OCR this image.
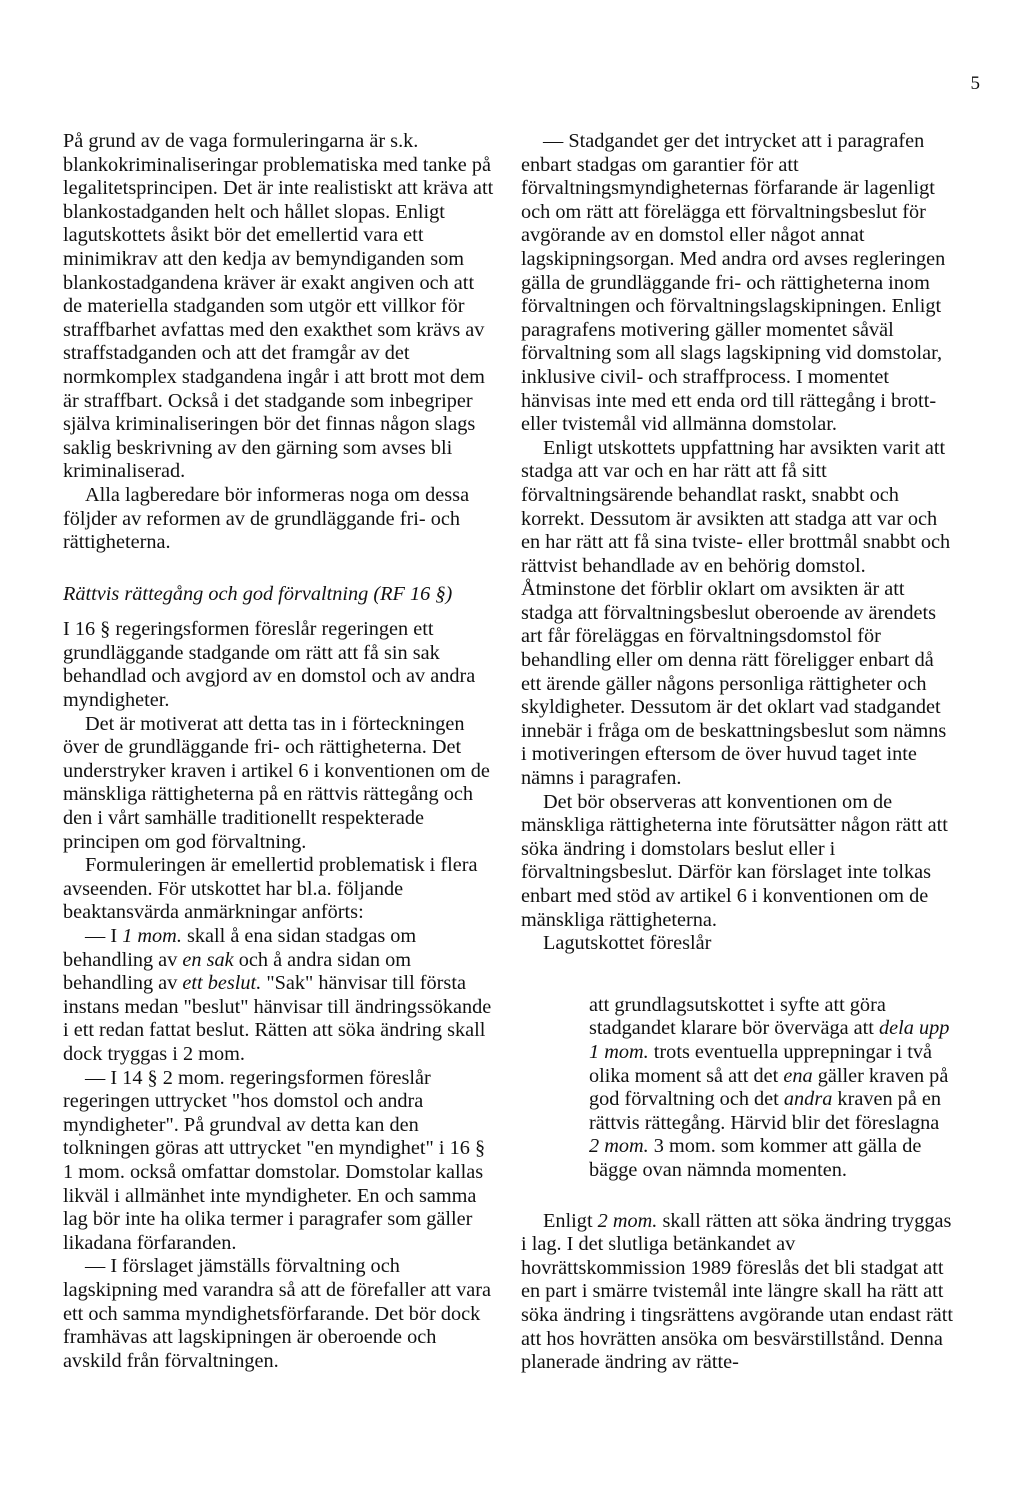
5

På grund av de vaga formuleringarna är s.k. blankokriminaliseringar problematiska med tanke på legalitetsprincipen. Det är inte realistiskt att kräva att blankostadganden helt och hållet slopas. Enligt lagutskottets åsikt bör det emellertid vara ett minimikrav att den kedja av bemyndiganden som blankostadgandena kräver är exakt angiven och att de materiella stadganden som utgör ett villkor för straffbarhet avfattas med den exakthet som krävs av straffstadganden och att det framgår av det normkomplex stadgandena ingår i att brott mot dem är straffbart. Också i det stadgande som inbegriper själva kriminaliseringen bör det finnas någon slags saklig beskrivning av den gärning som avses bli kriminaliserad.

Alla lagberedare bör informeras noga om dessa följder av reformen av de grundläggande fri- och rättigheterna.

Rättvis rättegång och god förvaltning (RF 16 §)

I 16 § regeringsformen föreslår regeringen ett grundläggande stadgande om rätt att få sin sak behandlad och avgjord av en domstol och av andra myndigheter.

Det är motiverat att detta tas in i förteckningen över de grundläggande fri- och rättigheterna. Det understryker kraven i artikel 6 i konventionen om de mänskliga rättigheterna på en rättvis rättegång och den i vårt samhälle traditionellt respekterade principen om god förvaltning.

Formuleringen är emellertid problematisk i flera avseenden. För utskottet har bl.a. följande beaktansvärda anmärkningar anförts:

— I 1 mom. skall å ena sidan stadgas om behandling av en sak och å andra sidan om behandling av ett beslut. "Sak" hänvisar till första instans medan "beslut" hänvisar till ändringssökande i ett redan fattat beslut. Rätten att söka ändring skall dock tryggas i 2 mom.

— I 14 § 2 mom. regeringsformen föreslår regeringen uttrycket "hos domstol och andra myndigheter". På grundval av detta kan den tolkningen göras att uttrycket "en myndighet" i 16 § 1 mom. också omfattar domstolar. Domstolar kallas likväl i allmänhet inte myndigheter. En och samma lag bör inte ha olika termer i paragrafer som gäller likadana förfaranden.

— I förslaget jämställs förvaltning och lagskipning med varandra så att de förefaller att vara ett och samma myndighetsförfarande. Det bör dock framhävas att lagskipningen är oberoende och avskild från förvaltningen.

— Stadgandet ger det intrycket att i paragrafen enbart stadgas om garantier för att förvaltningsmyndigheternas förfarande är lagenligt och om rätt att förelägga ett förvaltningsbeslut för avgörande av en domstol eller något annat lagskipningsorgan. Med andra ord avses regleringen gälla de grundläggande fri- och rättigheterna inom förvaltningen och förvaltningslagskipningen. Enligt paragrafens motivering gäller momentet såväl förvaltning som all slags lagskipning vid domstolar, inklusive civil- och straffprocess. I momentet hänvisas inte med ett enda ord till rättegång i brott- eller tvistemål vid allmänna domstolar.

Enligt utskottets uppfattning har avsikten varit att stadga att var och en har rätt att få sitt förvaltningsärende behandlat raskt, snabbt och korrekt. Dessutom är avsikten att stadga att var och en har rätt att få sina tviste- eller brottmål snabbt och rättvist behandlade av en behörig domstol. Åtminstone det förblir oklart om avsikten är att stadga att förvaltningsbeslut oberoende av ärendets art får föreläggas en förvaltningsdomstol för behandling eller om denna rätt föreligger enbart då ett ärende gäller någons personliga rättigheter och skyldigheter. Dessutom är det oklart vad stadgandet innebär i fråga om de beskattningsbeslut som nämns i motiveringen eftersom de över huvud taget inte nämns i paragrafen.

Det bör observeras att konventionen om de mänskliga rättigheterna inte förutsätter någon rätt att söka ändring i domstolars beslut eller i förvaltningsbeslut. Därför kan förslaget inte tolkas enbart med stöd av artikel 6 i konventionen om de mänskliga rättigheterna.

Lagutskottet föreslår

att grundlagsutskottet i syfte att göra stadgandet klarare bör överväga att dela upp 1 mom. trots eventuella upprepningar i två olika moment så att det ena gäller kraven på god förvaltning och det andra kraven på en rättvis rättegång. Härvid blir det föreslagna 2 mom. 3 mom. som kommer att gälla de bägge ovan nämnda momenten.

Enligt 2 mom. skall rätten att söka ändring tryggas i lag. I det slutliga betänkandet av hovrättskommission 1989 föreslås det bli stadgat att en part i smärre tvistemål inte längre skall ha rätt att söka ändring i tingsrättens avgörande utan endast rätt att hos hovrätten ansöka om besvärstillstånd. Denna planerade ändring av rätte-
